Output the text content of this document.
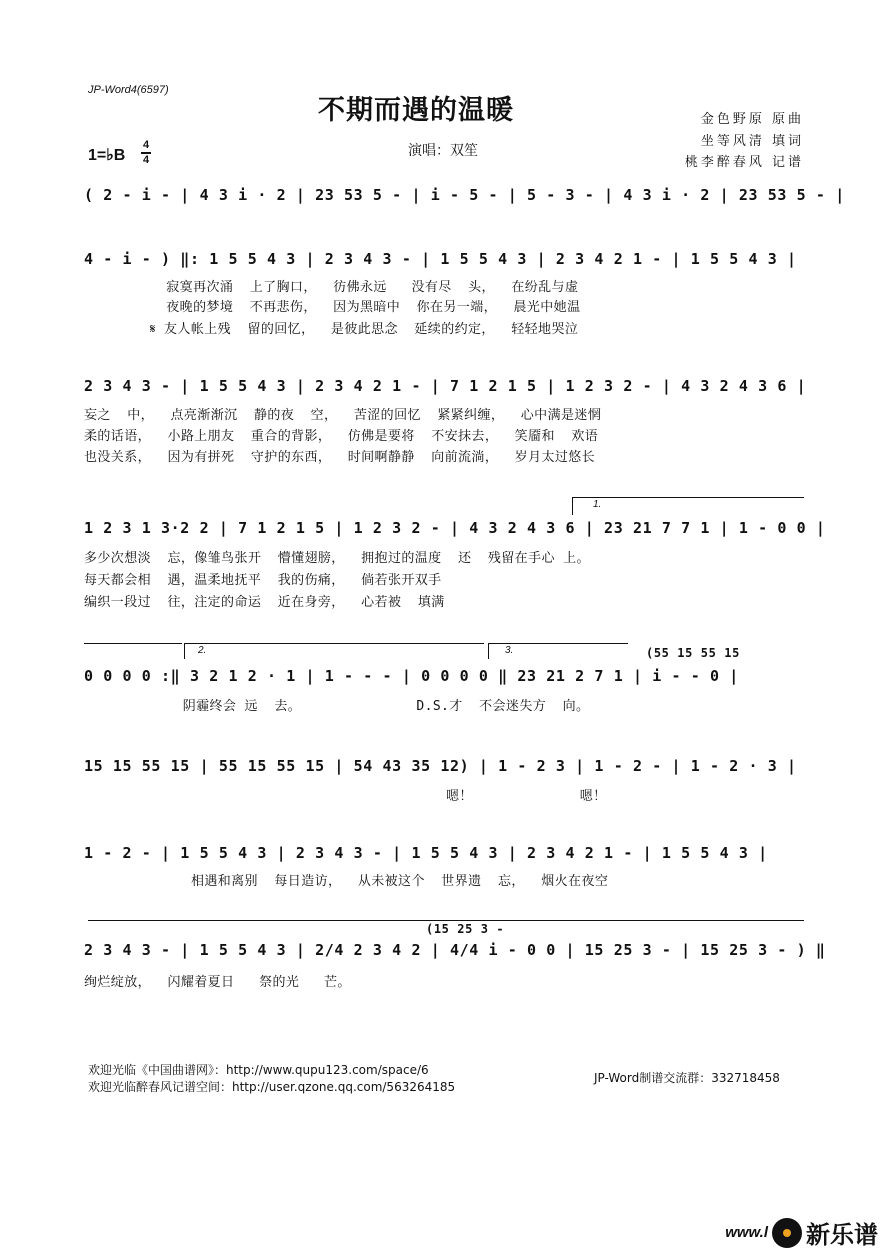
JP-Word4(6597)
不期而遇的温暖	金色野原 原曲
坐等风清 填词
桃李醉春风 记谱
1=♭B
4
4
演唱：双笙
( 2 - i - | 4 3 i · 2 | 23 53 5 - | i - 5 - | 5 - 3 - | 4 3 i · 2 | 23 53 5 - |
4 - i - ) ‖: 1 5 5 4 3 | 2 3 4 3 - | 1 5 5 4 3 | 2 3 4 2 1 - | 1 5 5 4 3 |
寂寞再次涌  上了胸口，  彷佛永远   没有尽  头，  在纷乱与虚
夜晚的梦境  不再悲伤，  因为黑暗中  你在另一端，  晨光中她温
𝄋 友人帐上残  留的回忆，  是彼此思念  延续的约定，  轻轻地哭泣
2 3 4 3 - | 1 5 5 4 3 | 2 3 4 2 1 - | 7 1 2 1 5 | 1 2 3 2 - | 4 3 2 4 3 6 |
妄之  中，  点亮渐渐沉  静的夜  空，  苦涩的回忆  紧紧纠缠，  心中满是迷惘
柔的话语，  小路上朋友  重合的背影，  仿佛是要将  不安抹去，  笑靥和  欢语
也没关系，  因为有拼死  守护的东西，  时间啊静静  向前流淌，  岁月太过悠长
1.
1 2 3 1 3·2 2 | 7 1 2 1 5 | 1 2 3 2 - | 4 3 2 4 3 6 | 23 21 7 7 1 | 1 - 0 0 |
多少次想淡  忘，像雏鸟张开  懵懂翅膀，  拥抱过的温度  还  残留在手心 上。
每天都会相  遇，温柔地抚平  我的伤痛，  倘若张开双手
编织一段过  往，注定的命运  近在身旁，  心若被  填满
2.	3.	(55 15 55 15
0 0 0 0 :‖ 3 2 1 2 · 1 | 1 - - - | 0 0 0 0 ‖ 23 21 2 7 1 | i - - 0 |
阴霾终会 远  去。              D.S.才  不会迷失方  向。
15 15 55 15 | 55 15 55 15 | 54 43 35 12) | 1 - 2 3 | 1 - 2 - | 1 - 2 · 3 |
嗯！             嗯！
1 - 2 - | 1 5 5 4 3 | 2 3 4 3 - | 1 5 5 4 3 | 2 3 4 2 1 - | 1 5 5 4 3 |
相遇和离别  每日造访，  从未被这个  世界遗  忘，  烟火在夜空
(15 25 3 -
2 3 4 3 - | 1 5 5 4 3 | 2/4 2 3 4 2 | 4/4 i - 0 0 | 15 25 3 - | 15 25 3 - ) ‖
绚烂绽放，  闪耀着夏日   祭的光   芒。
欢迎光临《中国曲谱网》：http://www.qupu123.com/space/6
欢迎光临醉春风记谱空间：http://user.qzone.qq.com/563264185
JP-Word制谱交流群：332718458
www.l 新乐谱
